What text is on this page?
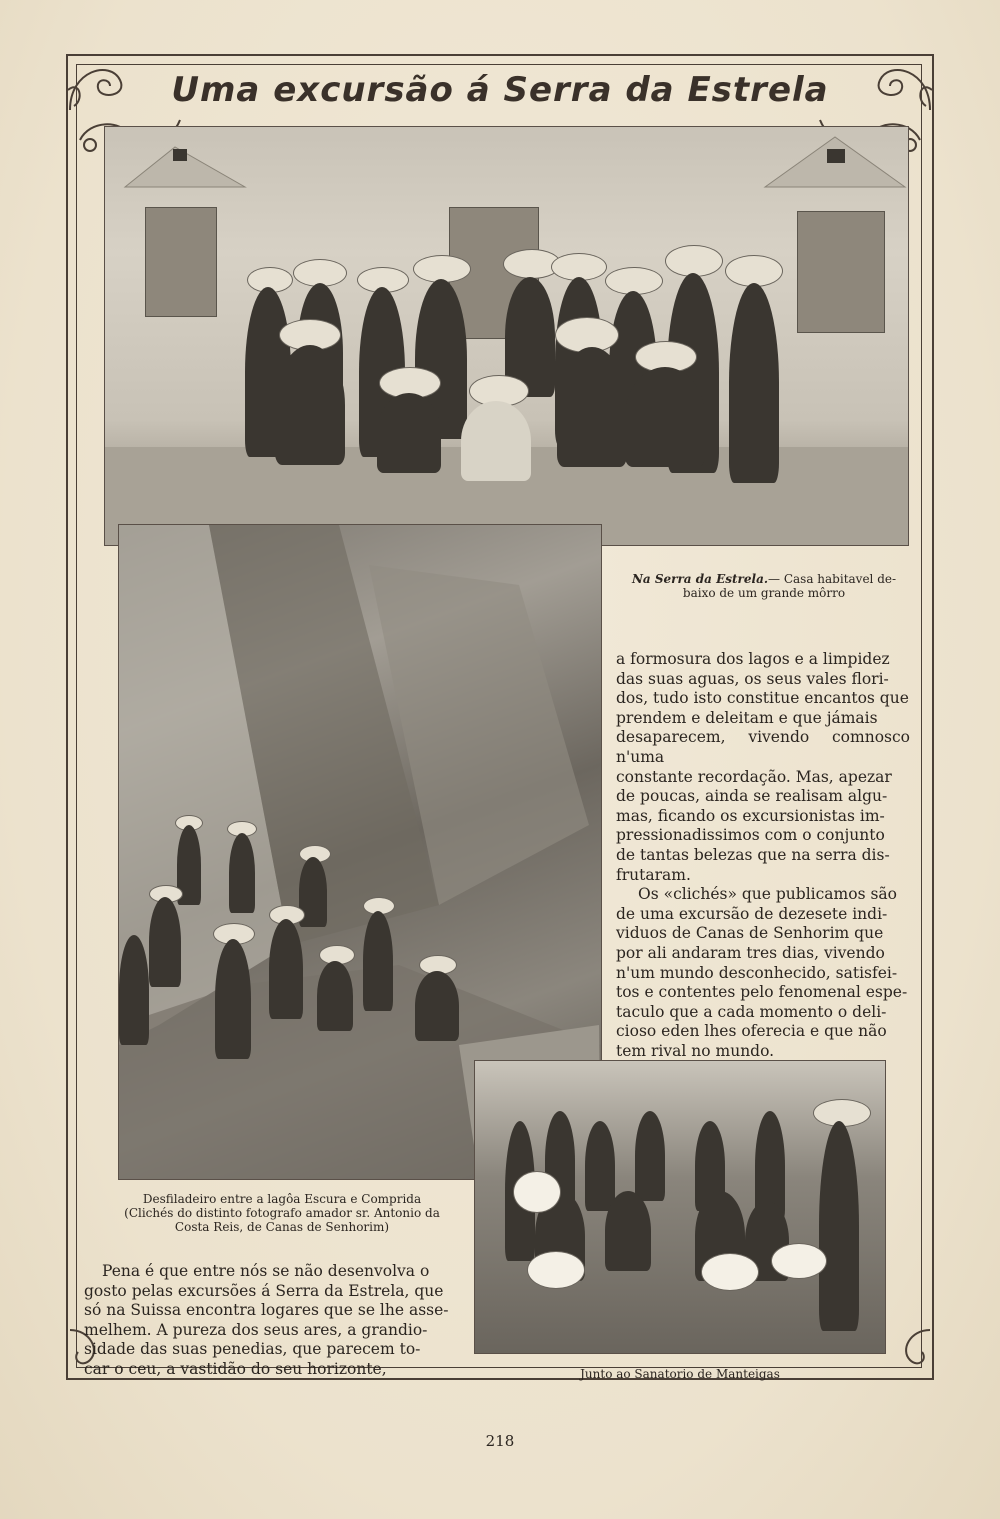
Uma excursão á Serra da Estrela
Na Serra da Estrela.— Casa habitavel de-
baixo de um grande môrro
Desfiladeiro entre a lagôa Escura e Comprida
(Clichés do distinto fotografo amador sr. Antonio da
Costa Reis, de Canas de Senhorim)
a formosura dos lagos e a limpidez
das suas aguas, os seus vales flori-
dos, tudo isto constitue encantos que
prendem e deleitam e que jámais
desaparecem, vivendo comnosco n'uma
constante recordação. Mas, apezar
de poucas, ainda se realisam algu-
mas, ficando os excursionistas im-
pressionadissimos com o conjunto
de tantas belezas que na serra dis-
frutaram.
Os «clichés» que publicamos são
de uma excursão de dezesete indi-
viduos de Canas de Senhorim que
por ali andaram tres dias, vivendo
n'um mundo desconhecido, satisfei-
tos e contentes pelo fenomenal espe-
taculo que a cada momento o deli-
cioso eden lhes oferecia e que não
tem rival no mundo.
Pena é que entre nós se não desenvolva o
gosto pelas excursões á Serra da Estrela, que
só na Suissa encontra logares que se lhe asse-
melhem. A pureza dos seus ares, a grandio-
sidade das suas penedias, que parecem to-
car o ceu, a vastidão do seu horizonte,	Junto ao Sanatorio de Manteigas
218
